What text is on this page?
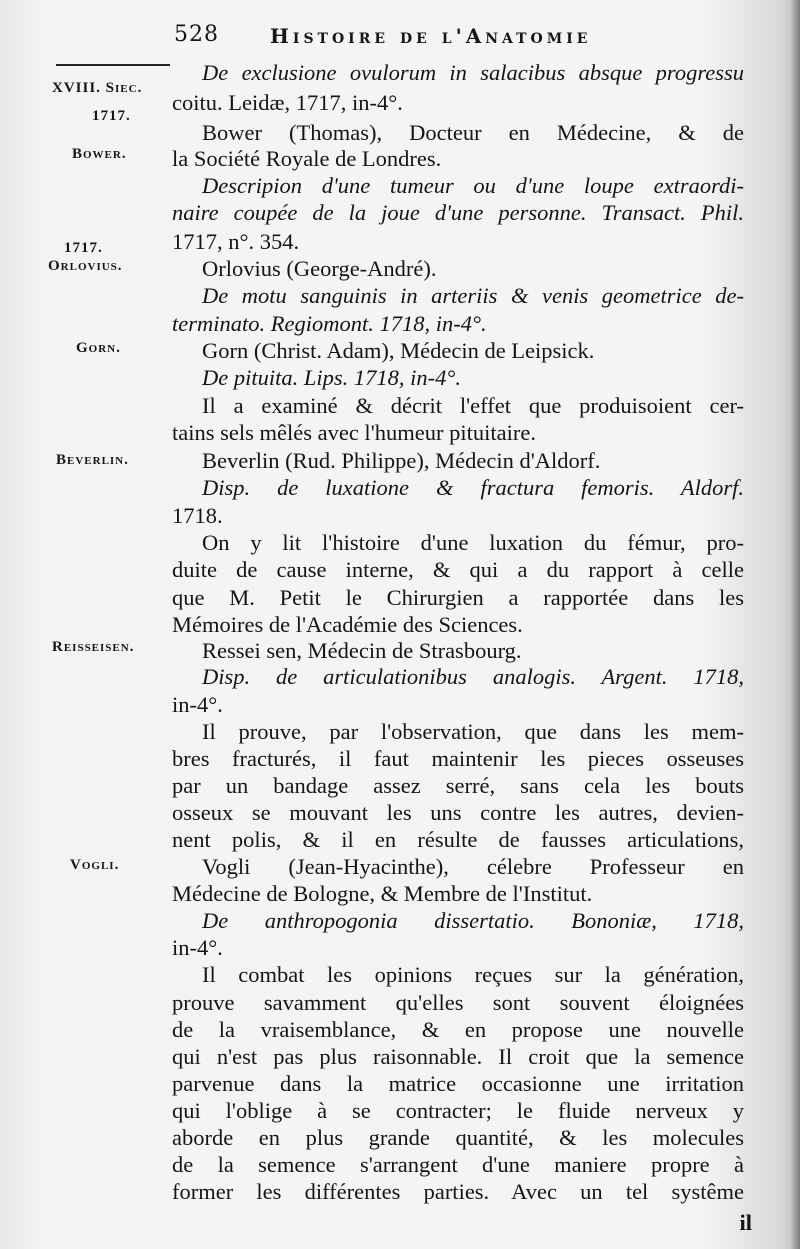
528	Histoire de l'Anatomie
XVIII. Siec.
1717.
Bower.
1717.
Orlovius.
Gorn.
Beverlin.
Reisseisen.
Vogli.
De exclusione ovulorum in salacibus absque progressu
coitu. Leidæ, 1717, in-4°.
Bower (Thomas), Docteur en Médecine, & de
la Société Royale de Londres.
Descripion d'une tumeur ou d'une loupe extraordi-
naire coupée de la joue d'une personne. Transact. Phil.
1717, n°. 354.
Orlovius (George-André).
De motu sanguinis in arteriis & venis geometrice de-
terminato. Regiomont. 1718, in-4°.
Gorn (Christ. Adam), Médecin de Leipsick.
De pituita. Lips. 1718, in-4°.
Il a examiné & décrit l'effet que produisoient cer-
tains sels mêlés avec l'humeur pituitaire.
Beverlin (Rud. Philippe), Médecin d'Aldorf.
Disp. de luxatione & fractura femoris. Aldorf.
1718.
On y lit l'histoire d'une luxation du fémur, pro-
duite de cause interne, & qui a du rapport à celle
que M. Petit le Chirurgien a rapportée dans les
Mémoires de l'Académie des Sciences.
Ressei sen, Médecin de Strasbourg.
Disp. de articulationibus analogis. Argent. 1718,
in-4°.
Il prouve, par l'observation, que dans les mem-
bres fracturés, il faut maintenir les pieces osseuses
par un bandage assez serré, sans cela les bouts
osseux se mouvant les uns contre les autres, devien-
nent polis, & il en résulte de fausses articulations,
Vogli (Jean-Hyacinthe), célebre Professeur en
Médecine de Bologne, & Membre de l'Institut.
De anthropogonia dissertatio. Bononiæ, 1718,
in-4°.
Il combat les opinions reçues sur la génération,
prouve savamment qu'elles sont souvent éloignées
de la vraisemblance, & en propose une nouvelle
qui n'est pas plus raisonnable. Il croit que la semence
parvenue dans la matrice occasionne une irritation
qui l'oblige à se contracter; le fluide nerveux y
aborde en plus grande quantité, & les molecules
de la semence s'arrangent d'une maniere propre à
former les différentes parties. Avec un tel systême
il
